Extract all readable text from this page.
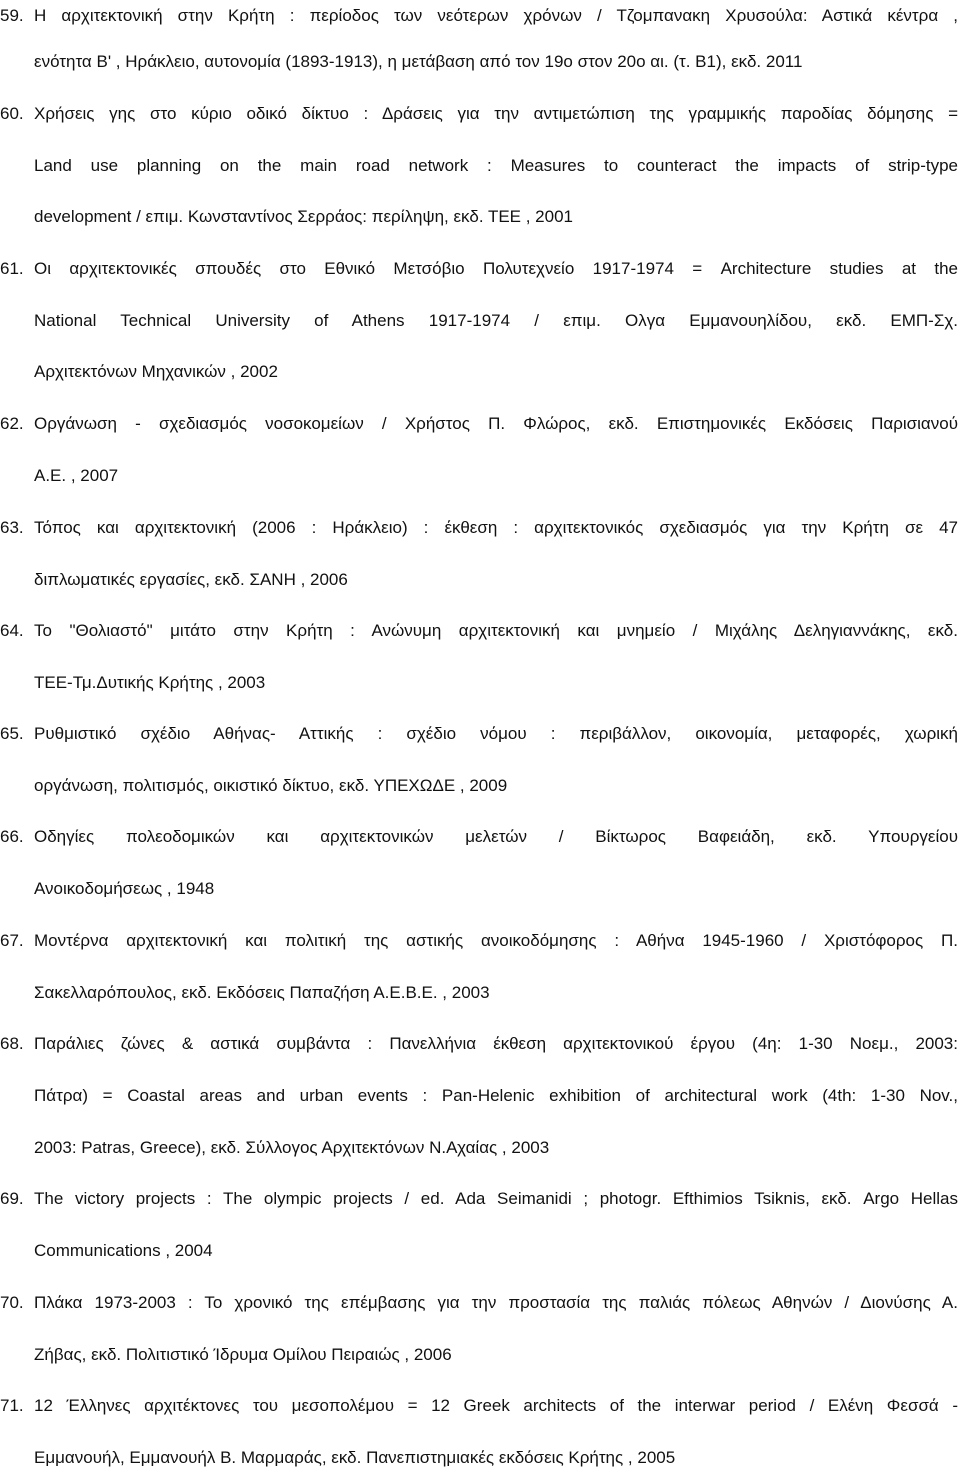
59. Η αρχιτεκτονική στην Κρήτη : περίοδος των νεότερων χρόνων / Τζομπανακη Χρυσούλα: Αστικά κέντρα ,
ενότητα Β' , Ηράκλειο, αυτονομία (1893-1913), η μετάβαση από τον 19ο στον 20ο αι. (τ. Β1), εκδ. 2011
60. Χρήσεις γης στο κύριο οδικό δίκτυο : Δράσεις για την αντιμετώπιση της γραμμικής παροδίας δόμησης =
Land use planning on the main road network : Measures to counteract the impacts of strip-type
development / επιμ. Κωνσταντίνος Σερράος: περίληψη, εκδ. ΤΕΕ , 2001
61. Οι αρχιτεκτονικές σπουδές στο Εθνικό Μετσόβιο Πολυτεχνείο 1917-1974 = Architecture studies at the
National Technical University of Athens 1917-1974 / επιμ. Ολγα Εμμανουηλίδου, εκδ. ΕΜΠ-Σχ.
Αρχιτεκτόνων Μηχανικών , 2002
62. Οργάνωση - σχεδιασμός νοσοκομείων / Χρήστος Π. Φλώρος, εκδ. Επιστημονικές Εκδόσεις Παρισιανού
Α.Ε. , 2007
63. Τόπος και αρχιτεκτονική (2006 : Ηράκλειο) : έκθεση : αρχιτεκτονικός σχεδιασμός για την Κρήτη σε 47
διπλωματικές εργασίες, εκδ. ΣΑΝΗ , 2006
64. Το "Θολιαστό" μιτάτο στην Κρήτη : Ανώνυμη αρχιτεκτονική και μνημείο / Μιχάλης Δεληγιαννάκης, εκδ.
ΤΕΕ-Τμ.Δυτικής Κρήτης , 2003
65. Ρυθμιστικό σχέδιο Αθήνας- Αττικής : σχέδιο νόμου : περιβάλλον, οικονομία, μεταφορές, χωρική
οργάνωση, πολιτισμός, οικιστικό δίκτυο, εκδ. ΥΠΕΧΩΔΕ , 2009
66. Οδηγίες πολεοδομικών και αρχιτεκτονικών μελετών / Βίκτωρος Βαφειάδη, εκδ. Υπουργείου
Ανοικοδομήσεως , 1948
67. Μοντέρνα αρχιτεκτονική και πολιτική της αστικής ανοικοδόμησης : Αθήνα 1945-1960 / Χριστόφορος Π.
Σακελλαρόπουλος, εκδ. Εκδόσεις Παπαζήση Α.Ε.Β.Ε. , 2003
68. Παράλιες ζώνες & αστικά συμβάντα : Πανελλήνια έκθεση αρχιτεκτονικού έργου (4η: 1-30 Νοεμ., 2003:
Πάτρα) = Coastal areas and urban events : Pan-Helenic exhibition of architectural work (4th: 1-30 Nov.,
2003: Patras, Greece), εκδ. Σύλλογος Αρχιτεκτόνων Ν.Αχαίας , 2003
69. The victory projects : The olympic projects / ed. Ada Seimanidi ; photogr. Efthimios Tsiknis, εκδ. Argo Hellas
Communications , 2004
70. Πλάκα 1973-2003 : Το χρονικό της επέμβασης για την προστασία της παλιάς πόλεως Αθηνών / Διονύσης Α.
Ζήβας, εκδ. Πολιτιστικό Ίδρυμα Ομίλου Πειραιώς , 2006
71. 12 Έλληνες αρχιτέκτονες του μεσοπολέμου = 12 Greek architects of the interwar period / Ελένη Φεσσά -
Εμμανουήλ, Εμμανουήλ Β. Μαρμαράς, εκδ. Πανεπιστημιακές εκδόσεις Κρήτης , 2005
